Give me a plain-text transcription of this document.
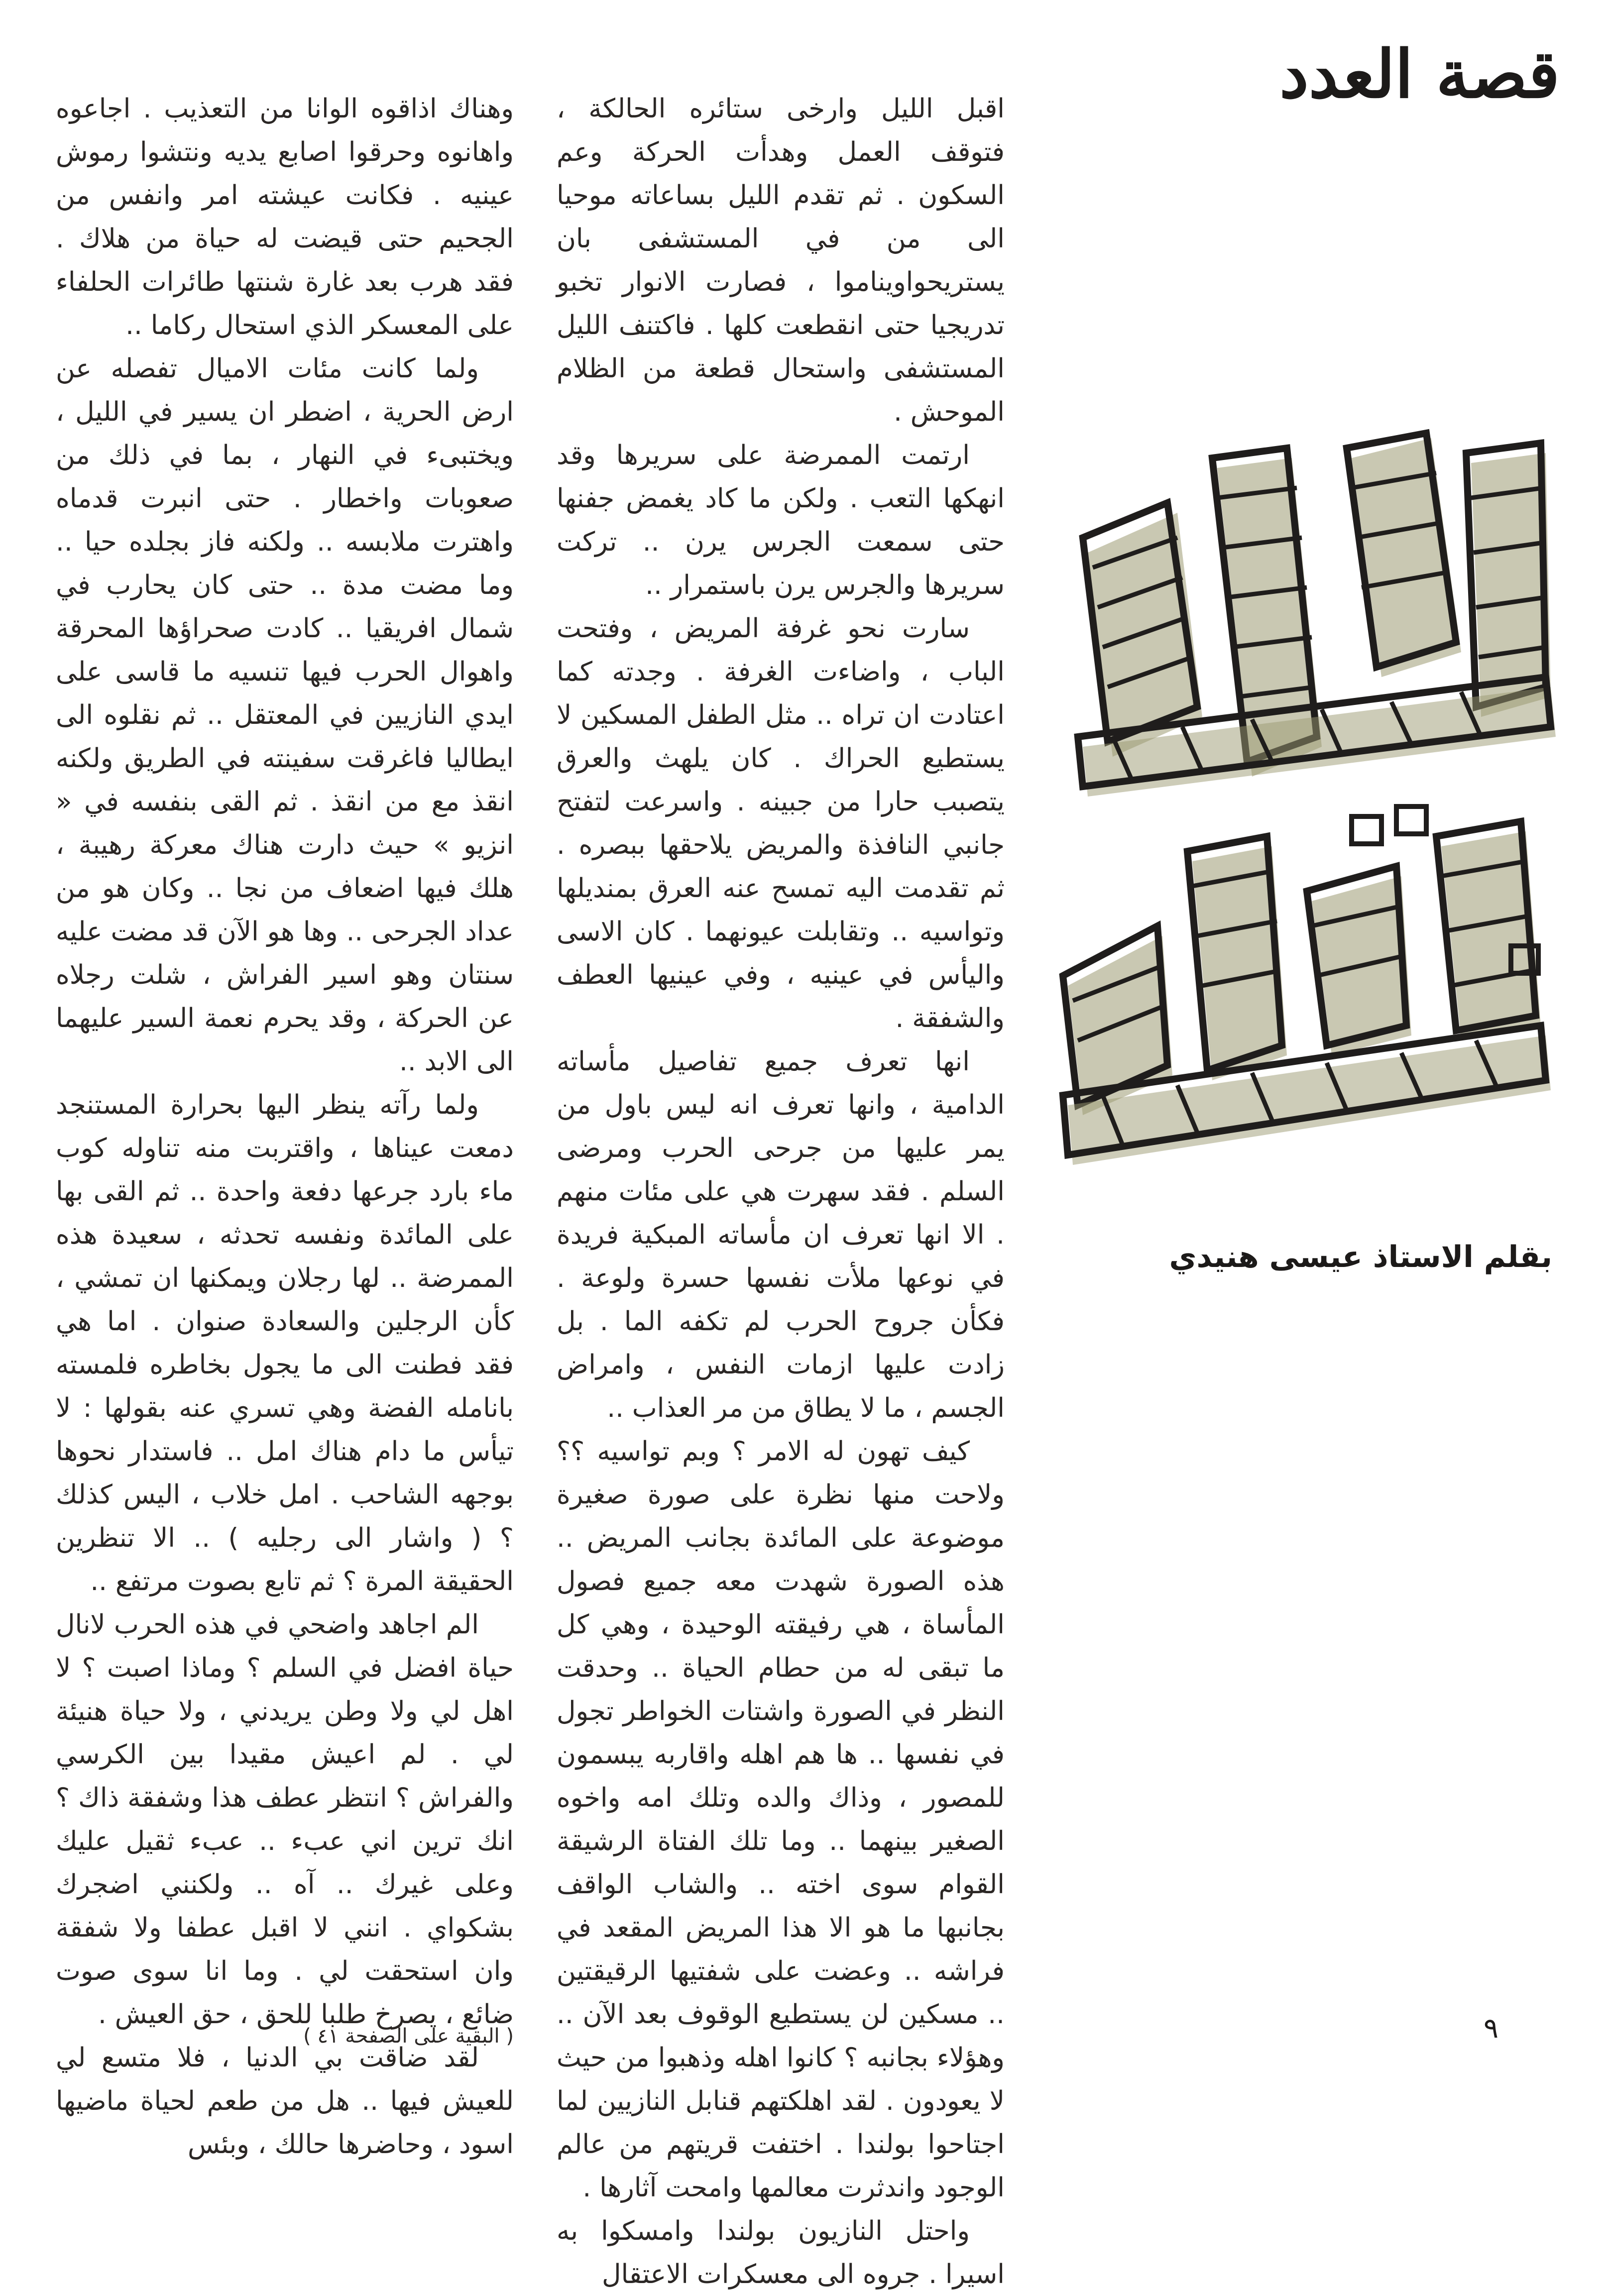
قصة العدد
بقلم الاستاذ عيسى هنيدي

اقبل الليل وارخى ستائره الحالكة ، فتوقف العمل وهدأت الحركة وعم السكون . ثم تقدم الليل بساعاته موحيا الى من في المستشفى بان يستريحواويناموا ، فصارت الانوار تخبو تدريجيا حتى انقطعت كلها . فاكتنف الليل المستشفى واستحال قطعة من الظلام الموحش .

ارتمت الممرضة على سريرها وقد انهكها التعب . ولكن ما كاد يغمض جفنها حتى سمعت الجرس يرن .. تركت سريرها والجرس يرن باستمرار ..

سارت نحو غرفة المريض ، وفتحت الباب ، واضاءت الغرفة . وجدته كما اعتادت ان تراه .. مثل الطفل المسكين لا يستطيع الحراك . كان يلهث والعرق يتصبب حارا من جبينه . واسرعت لتفتح جانبي النافذة والمريض يلاحقها ببصره . ثم تقدمت اليه تمسح عنه العرق بمنديلها وتواسيه .. وتقابلت عيونهما . كان الاسى واليأس في عينيه ، وفي عينيها العطف والشفقة .

انها تعرف جميع تفاصيل مأساته الدامية ، وانها تعرف انه ليس باول من يمر عليها من جرحى الحرب ومرضى السلم . فقد سهرت هي على مئات منهم . الا انها تعرف ان مأساته المبكية فريدة في نوعها ملأت نفسها حسرة ولوعة . فكأن جروح الحرب لم تكفه الما . بل زادت عليها ازمات النفس ، وامراض الجسم ، ما لا يطاق من مر العذاب ..

كيف تهون له الامر ؟ وبم تواسيه ؟؟ ولاحت منها نظرة على صورة صغيرة موضوعة على المائدة بجانب المريض .. هذه الصورة شهدت معه جميع فصول المأساة ، هي رفيقته الوحيدة ، وهي كل ما تبقى له من حطام الحياة .. وحدقت النظر في الصورة واشتات الخواطر تجول في نفسها .. ها هم اهله واقاربه يبسمون للمصور ، وذاك والده وتلك امه واخوه الصغير بينهما .. وما تلك الفتاة الرشيقة القوام سوى اخته .. والشاب الواقف بجانبها ما هو الا هذا المريض المقعد في فراشه .. وعضت على شفتيها الرقيقتين .. مسكين لن يستطيع الوقوف بعد الآن .. وهؤلاء بجانبه ؟ كانوا اهله وذهبوا من حيث لا يعودون . لقد اهلكتهم قنابل النازيين لما اجتاحوا بولندا . اختفت قريتهم من عالم الوجود واندثرت معالمها وامحت آثارها .

واحتل النازيون بولندا وامسكوا به اسيرا . جروه الى معسكرات الاعتقال

وهناك اذاقوه الوانا من التعذيب . اجاعوه واهانوه وحرقوا اصابع يديه ونتشوا رموش عينيه . فكانت عيشته امر وانفس من الجحيم حتى قيضت له حياة من هلاك . فقد هرب بعد غارة شنتها طائرات الحلفاء على المعسكر الذي استحال ركاما ..

ولما كانت مئات الاميال تفصله عن ارض الحرية ، اضطر ان يسير في الليل ، ويختبىء في النهار ، بما في ذلك من صعوبات واخطار . حتى انبرت قدماه واهترت ملابسه .. ولكنه فاز بجلده حيا .. وما مضت مدة .. حتى كان يحارب في شمال افريقيا .. كادت صحراؤها المحرقة واهوال الحرب فيها تنسيه ما قاسى على ايدي النازيين في المعتقل .. ثم نقلوه الى ايطاليا فاغرقت سفينته في الطريق ولكنه انقذ مع من انقذ . ثم القى بنفسه في « انزيو » حيث دارت هناك معركة رهيبة ، هلك فيها اضعاف من نجا .. وكان هو من عداد الجرحى .. وها هو الآن قد مضت عليه سنتان وهو اسير الفراش ، شلت رجلاه عن الحركة ، وقد يحرم نعمة السير عليهما الى الابد ..

ولما رآته ينظر اليها بحرارة المستنجد دمعت عيناها ، واقتربت منه تناوله كوب ماء بارد جرعها دفعة واحدة .. ثم القى بها على المائدة ونفسه تحدثه ، سعيدة هذه الممرضة .. لها رجلان ويمكنها ان تمشي ، كأن الرجلين والسعادة صنوان . اما هي فقد فطنت الى ما يجول بخاطره فلمسته بانامله الفضة وهي تسري عنه بقولها : لا تيأس ما دام هناك امل .. فاستدار نحوها بوجهه الشاحب . امل خلاب ، اليس كذلك ؟ ( واشار الى رجليه ) .. الا تنظرين الحقيقة المرة ؟ ثم تابع بصوت مرتفع ..

الم اجاهد واضحي في هذه الحرب لانال حياة افضل في السلم ؟ وماذا اصبت ؟ لا اهل لي ولا وطن يريدني ، ولا حياة هنيئة لي . لم اعيش مقيدا بين الكرسي والفراش ؟ انتظر عطف هذا وشفقة ذاك ؟ انك ترين اني عبء .. عبء ثقيل عليك وعلى غيرك .. آه .. ولكنني اضجرك بشكواي . انني لا اقبل عطفا ولا شفقة وان استحقت لي . وما انا سوى صوت ضائع ، يصرخ طلبا للحق ، حق العيش .

لقد ضاقت بي الدنيا ، فلا متسع لي للعيش فيها .. هل من طعم لحياة ماضيها اسود ، وحاضرها حالك ، وبئس

( البقية على الصفحة ٤١ )	٩
